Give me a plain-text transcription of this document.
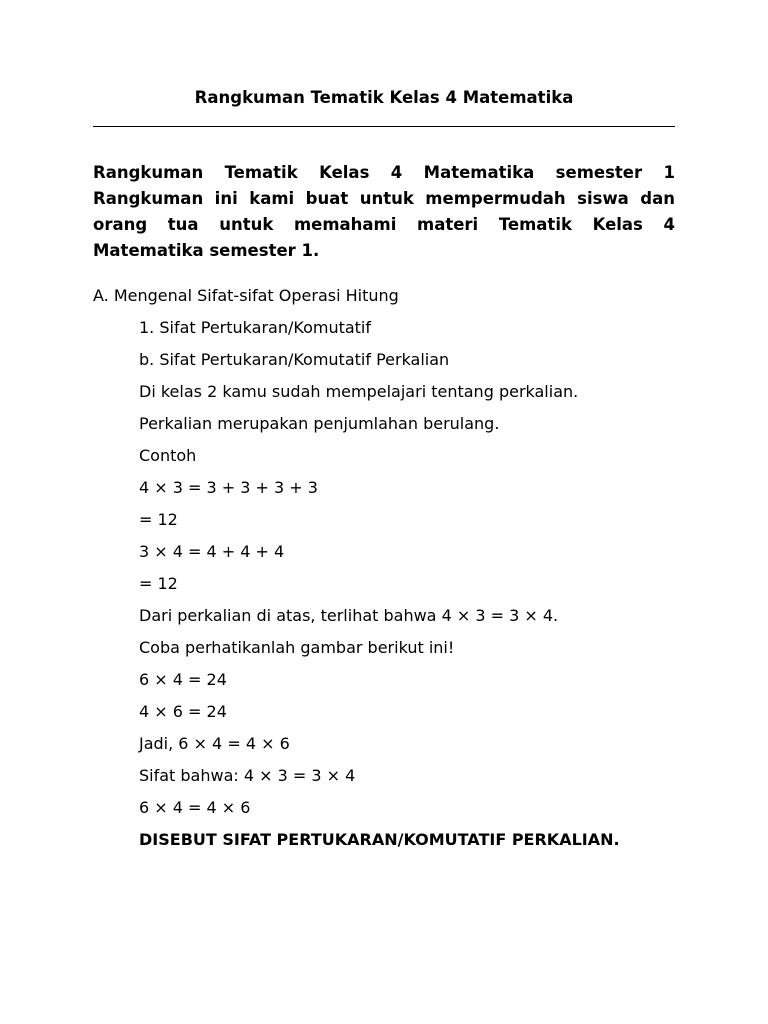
Rangkuman Tematik Kelas 4 Matematika

Rangkuman Tematik Kelas 4 Matematika semester 1 Rangkuman ini kami buat untuk mempermudah siswa dan orang tua untuk memahami materi Tematik Kelas 4 Matematika semester 1.

A. Mengenal Sifat-sifat Operasi Hitung

1. Sifat Pertukaran/Komutatif
b. Sifat Pertukaran/Komutatif Perkalian
Di kelas 2 kamu sudah mempelajari tentang perkalian.
Perkalian merupakan penjumlahan berulang.
Contoh
4 × 3 = 3 + 3 + 3 + 3
= 12
3 × 4 = 4 + 4 + 4
= 12
Dari perkalian di atas, terlihat bahwa 4 × 3 = 3 × 4.
Coba perhatikanlah gambar berikut ini!
6 × 4 = 24
4 × 6 = 24
Jadi, 6 × 4 = 4 × 6
Sifat bahwa: 4 × 3 = 3 × 4
6 × 4 = 4 × 6
DISEBUT SIFAT PERTUKARAN/KOMUTATIF PERKALIAN.
